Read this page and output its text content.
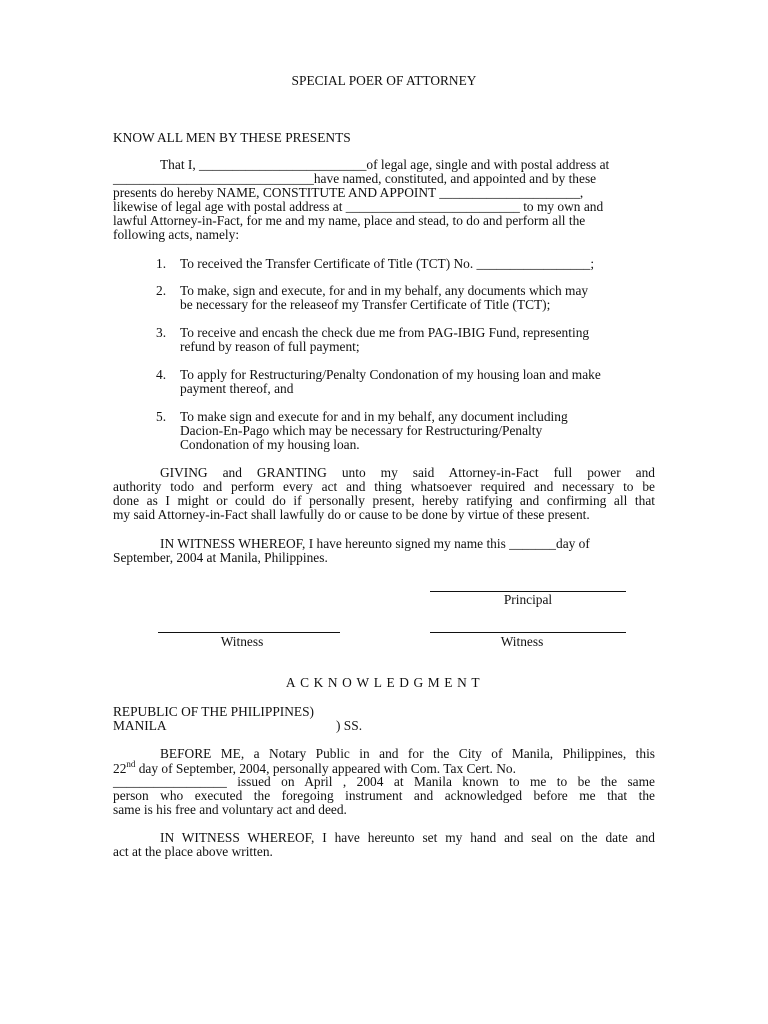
SPECIAL POER OF ATTORNEY

KNOW ALL MEN BY THESE PRESENTS

That I, _________________________of legal age, single and with postal address at

______________________________have named, constituted, and appointed and by these

presents do hereby NAME, CONSTITUTE AND APPOINT _____________________,

likewise of legal age with postal address at __________________________ to my own and

lawful Attorney-in-Fact, for me and my name, place and stead, to do and perform all the

following acts, namely:

1. To received the Transfer Certificate of Title (TCT) No. _________________;
2. To make, sign and execute, for and in my behalf, any documents which may
be necessary for the releaseof my Transfer Certificate of Title (TCT);
3. To receive and encash the check due me from PAG-IBIG Fund, representing
refund by reason of full payment;
4. To apply for Restructuring/Penalty Condonation of my housing loan and make
payment thereof, and
5. To make sign and execute for and in my behalf, any document including
Dacion-En-Pago which may be necessary for Restructuring/Penalty
Condonation of my housing loan.

GIVING and GRANTING unto my said Attorney-in-Fact full power and

authority todo and perform every act and thing whatsoever required and necessary to be

done as I might or could do if personally present, hereby ratifying and confirming all that

my said Attorney-in-Fact shall lawfully do or cause to be done by virtue of these present.

IN WITNESS WHEREOF, I have hereunto signed my name this _______day of

September, 2004 at Manila, Philippines.

Principal

Witness	Witness

ACKNOWLEDGMENT

REPUBLIC OF THE PHILIPPINES)

MANILA	) SS.

BEFORE ME, a Notary Public in and for the City of Manila, Philippines, this

22nd day of September, 2004, personally appeared with Com. Tax Cert. No.

_________________ issued on April , 2004 at Manila known to me to be the same

person who executed the foregoing instrument and acknowledged before me that the

same is his free and voluntary act and deed.

IN WITNESS WHEREOF, I have hereunto set my hand and seal on the date and

act at the place above written.
